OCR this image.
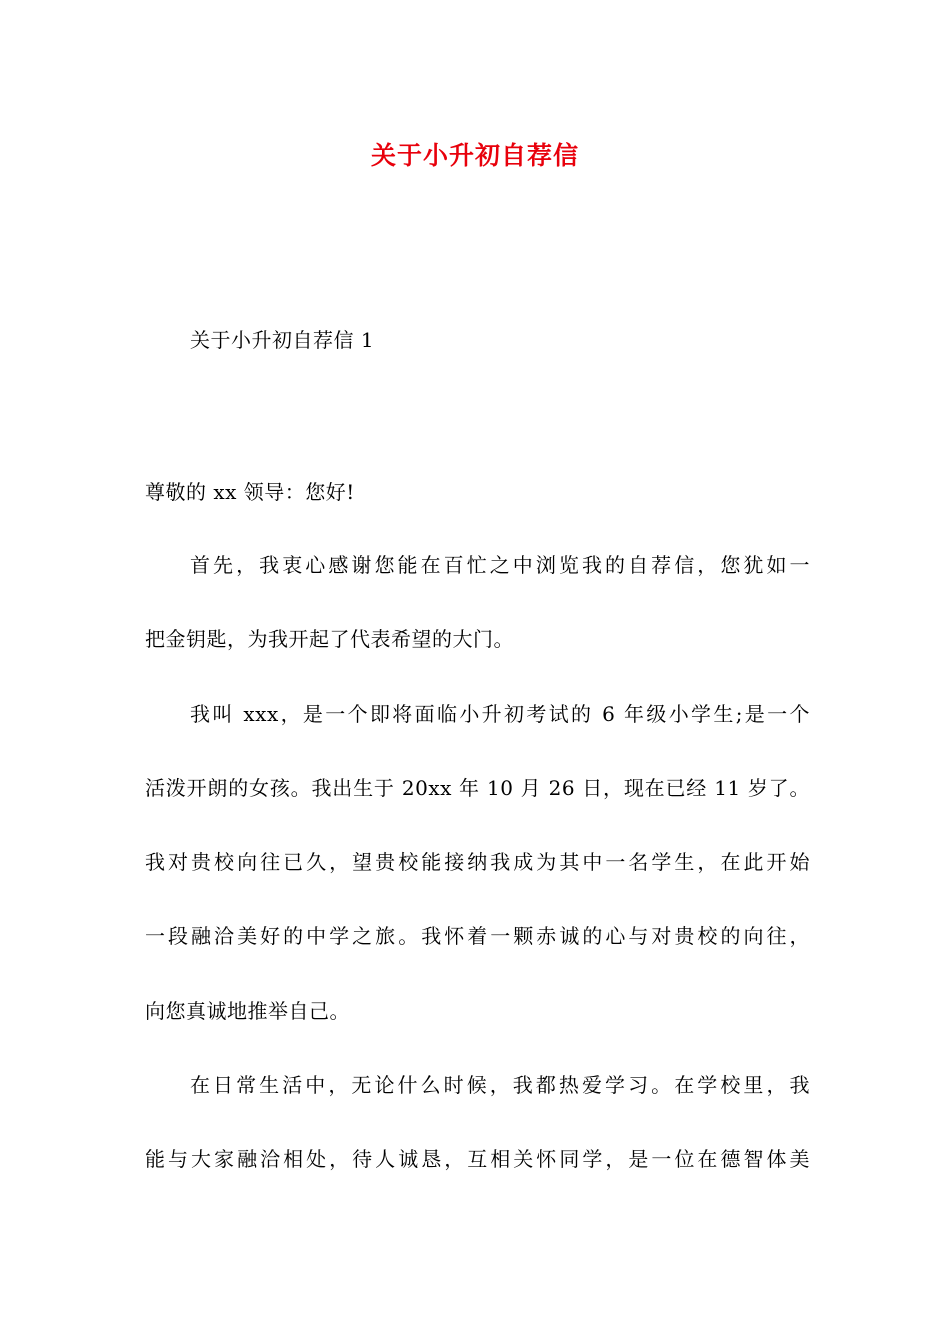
关于小升初自荐信
关于小升初自荐信 1
尊敬的 xx 领导：您好!
首先，我衷心感谢您能在百忙之中浏览我的自荐信，您犹如一
把金钥匙，为我开起了代表希望的大门。
我叫 xxx，是一个即将面临小升初考试的 6 年级小学生;是一个
活泼开朗的女孩。我出生于 20xx 年 10 月 26 日，现在已经 11 岁了。
我对贵校向往已久，望贵校能接纳我成为其中一名学生，在此开始
一段融洽美好的中学之旅。我怀着一颗赤诚的心与对贵校的向往，
向您真诚地推举自己。
在日常生活中，无论什么时候，我都热爱学习。在学校里，我
能与大家融洽相处，待人诚恳，互相关怀同学，是一位在德智体美
